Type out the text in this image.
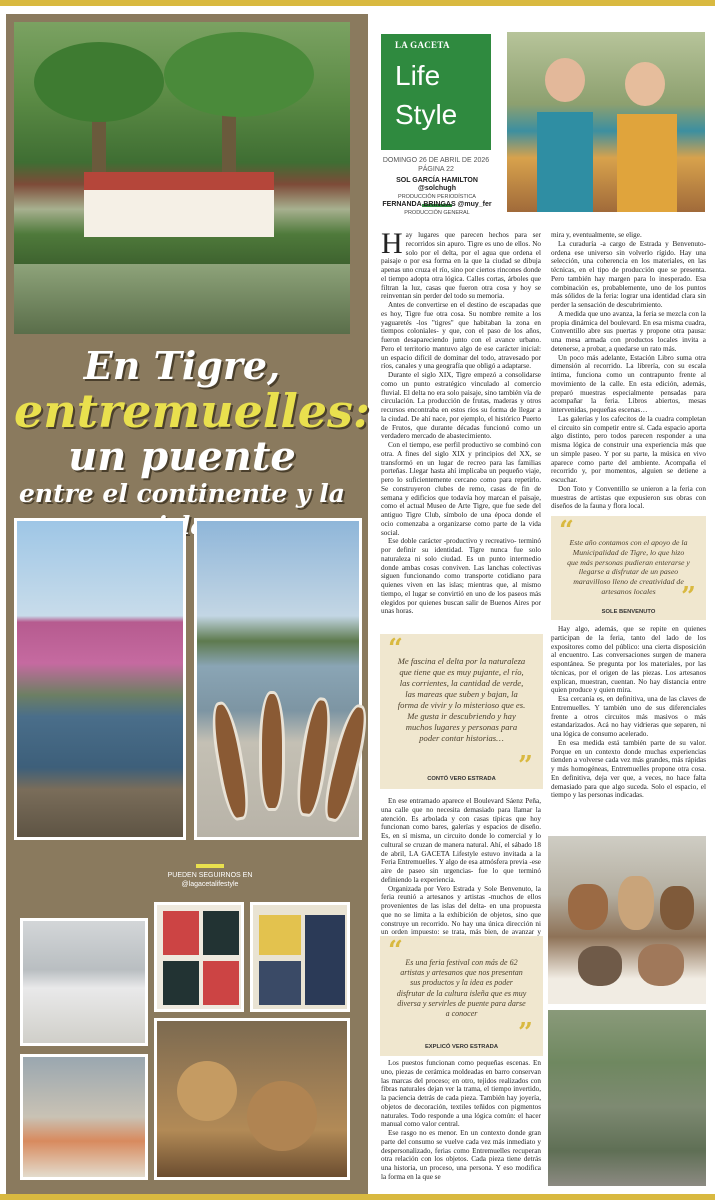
En Tigre,
entremuelles:
un puente
entre el continente y la
PUEDEN SEGUIRNOS EN
@lagacetalifestyle
LA GACETA
Life
Style
DOMINGO 26 DE ABRIL DE 2026
PÁGINA 22
SOL GARCÍA HAMILTON @solchugh
PRODUCCIÓN PERIODÍSTICA
FERNANDA BRINGAS @muy_fer
PRODUCCIÓN GENERAL
H ay lugares que parecen hechos para ser recorridos sin apuro. Tigre es uno de ellos. No solo por el delta, por el agua que ordena el paisaje o por esa forma en la que la ciudad se dibuja apenas uno cruza el río, sino por ciertos rincones donde el tiempo adopta otra lógica. Calles cortas, árboles que filtran la luz, casas que fueron otra cosa y hoy se reinventan sin perder del todo su memoria.

Antes de convertirse en el destino de escapadas que es hoy, Tigre fue otra cosa. Su nombre remite a los yaguaretés -los "tigres" que habitaban la zona en tiempos coloniales- y que, con el paso de los años, fueron desapareciendo junto con el avance urbano. Pero el territorio mantuvo algo de ese carácter inicial: un espacio difícil de dominar del todo, atravesado por ríos, canales y una geografía que obligó a adaptarse.

Durante el siglo XIX, Tigre empezó a consolidarse como un punto estratégico vinculado al comercio fluvial. El delta no era solo paisaje, sino también vía de circulación. La producción de frutas, maderas y otros recursos encontraba en estos ríos su forma de llegar a la ciudad. De ahí nace, por ejemplo, el histórico Puerto de Frutos, que durante décadas funcionó como un verdadero mercado de abastecimiento.

Con el tiempo, ese perfil productivo se combinó con otra. A fines del siglo XIX y principios del XX, se transformó en un lugar de recreo para las familias porteñas. Llegar hasta ahí implicaba un pequeño viaje, pero lo suficientemente cercano como para repetirlo. Se construyeron clubes de remo, casas de fin de semana y edificios que todavía hoy marcan el paisaje, como el actual Museo de Arte Tigre, que fue sede del antiguo Tigre Club, símbolo de una época donde el ocio comenzaba a organizarse como parte de la vida social.

Ese doble carácter -productivo y recreativo- terminó por definir su identidad. Tigre nunca fue solo naturaleza ni solo ciudad. Es un punto intermedio donde ambas cosas conviven. Las lanchas colectivas siguen funcionando como transporte cotidiano para quienes viven en las islas; mientras que, al mismo tiempo, el lugar se convirtió en uno de los paseos más elegidos por quienes buscan salir de Buenos Aires por unas horas.

“
Me fascina el delta por la naturaleza que tiene que es muy pujante, el río, las corrientes, la cantidad de verde, las mareas que suben y bajan, la forma de vivir y lo misterioso que es. Me gusta ir descubriendo y hay muchos lugares y personas para poder contar historias…
”
CONTÓ VERO ESTRADA

En ese entramado aparece el Boulevard Sáenz Peña, una calle que no necesita demasiado para llamar la atención. Es arbolada y con casas típicas que hoy funcionan como bares, galerías y espacios de diseño. Es, en sí misma, un circuito donde lo comercial y lo cultural se cruzan de manera natural. Ahí, el sábado 18 de abril, LA GACETA Lifestyle estuvo invitada a la Feria Entremuelles. Y algo de esa atmósfera previa -ese aire de paseo sin urgencias- fue lo que terminó definiendo la experiencia.

Organizada por Vero Estrada y Sole Benvenuto, la feria reunió a artesanos y artistas -muchos de ellos provenientes de las islas del delta- en una propuesta que no se limita a la exhibición de objetos, sino que construye un recorrido. No hay una única dirección ni un orden impuesto: se trata, más bien, de avanzar y

“ Es una feria festival con más de 62 artistas y artesanos que nos presentan sus productos y la idea es poder disfrutar de la cultura isleña que es muy diversa y servirles de puente para darse a conocer
”
EXPLICÓ VERO ESTRADA

Los puestos funcionan como pequeñas escenas. En uno, piezas de cerámica moldeadas en barro conservan las marcas del proceso; en otro, tejidos realizados con fibras naturales dejan ver la trama, el tiempo invertido, la paciencia detrás de cada pieza. También hay joyería, objetos de decoración, textiles teñidos con pigmentos naturales. Todo responde a una lógica común: el hacer manual como valor central.

Ese rasgo no es menor. En un contexto donde gran parte del consumo se vuelve cada vez más inmediato y despersonalizado, ferias como Entremuelles recuperan otra relación con los objetos. Cada pieza tiene detrás una historia, un proceso, una persona. Y eso modifica la forma en la que se

mira y, eventualmente, se elige.

La curaduría -a cargo de Estrada y Benvenuto- ordena ese universo sin volverlo rígido. Hay una selección, una coherencia en los materiales, en las técnicas, en el tipo de producción que se presenta. Pero también hay margen para lo inesperado. Esa combinación es, probablemente, uno de los puntos más sólidos de la feria: lograr una identidad clara sin perder la sensación de descubrimiento.

A medida que uno avanza, la feria se mezcla con la propia dinámica del boulevard. En esa misma cuadra, Conventillo abre sus puertas y propone otra pausa: una mesa armada con productos locales invita a detenerse, a probar, a quedarse un rato más.

Un poco más adelante, Estación Libro suma otra dimensión al recorrido. La librería, con su escala íntima, funciona como un contrapunto frente al movimiento de la calle. En esta edición, además, preparó muestras especialmente pensadas para acompañar la feria. Libros abiertos, mesas intervenidas, pequeñas escenas…

Las galerías y los cafecitos de la cuadra completan el circuito sin competir entre sí. Cada espacio aporta algo distinto, pero todos parecen responder a una misma lógica de construir una experiencia más que un simple paseo. Y por su parte, la música en vivo aparece como parte del ambiente. Acompaña el recorrido y, por momentos, alguien se detiene a escuchar.

Don Toto y Conventillo se unieron a la feria con muestras de artistas que expusieron sus obras con diseños de la fauna y flora local.

“
Este año contamos con el apoyo de la Municipalidad de Tigre, lo que hizo que más personas pudieran enterarse y llegarse a disfrutar de un paseo maravilloso lleno de creatividad de artesanos locales ”
SOLE BENVENUTO

Hay algo, además, que se repite en quienes participan de la feria, tanto del lado de los expositores como del público: una cierta disposición al encuentro. Las conversaciones surgen de manera espontánea. Se pregunta por los materiales, por las técnicas, por el origen de las piezas. Los artesanos explican, muestran, cuentan. No hay distancia entre quien produce y quien mira.

Esa cercanía es, en definitiva, una de las claves de Entremuelles. Y también uno de sus diferenciales frente a otros circuitos más masivos o más estandarizados. Acá no hay vidrieras que separen, ni una lógica de consumo acelerado.

En esa medida está también parte de su valor. Porque en un contexto donde muchas experiencias tienden a volverse cada vez más grandes, más rápidas y más homogéneas, Entremuelles propone otra cosa. En definitiva, deja ver que, a veces, no hace falta demasiado para que algo suceda. Solo el espacio, el tiempo y las personas indicadas.
